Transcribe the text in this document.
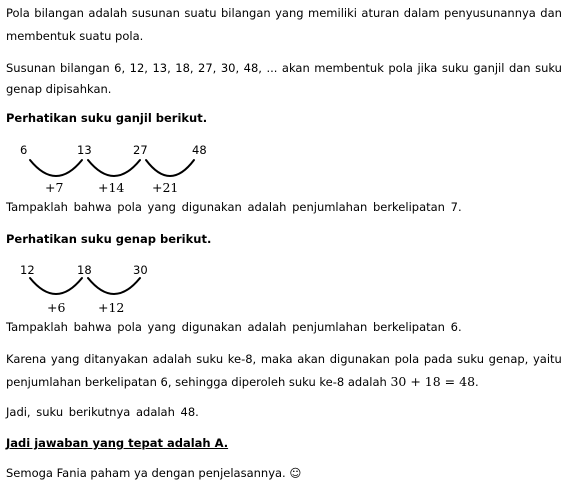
Pola bilangan adalah susunan suatu bilangan yang memiliki aturan dalam penyusunannya dan
membentuk suatu pola.
Susunan bilangan 6, 12, 13, 18, 27, 30, 48, ... akan membentuk pola jika suku ganjil dan suku
genap dipisahkan.
Perhatikan suku ganjil berikut.
6	13	27	48
+7	+14 +21
Tampaklah bahwa pola yang digunakan adalah penjumlahan berkelipatan 7.
Perhatikan suku genap berikut.
12	18	30
+6	+12
Tampaklah bahwa pola yang digunakan adalah penjumlahan berkelipatan 6.
Karena yang ditanyakan adalah suku ke-8, maka akan digunakan pola pada suku genap, yaitu
penjumlahan berkelipatan 6, sehingga diperoleh suku ke-8 adalah 30 + 18 = 48.
Jadi, suku berikutnya adalah 48.
Jadi jawaban yang tepat adalah A.
Semoga Fania paham ya dengan penjelasannya. ☺
